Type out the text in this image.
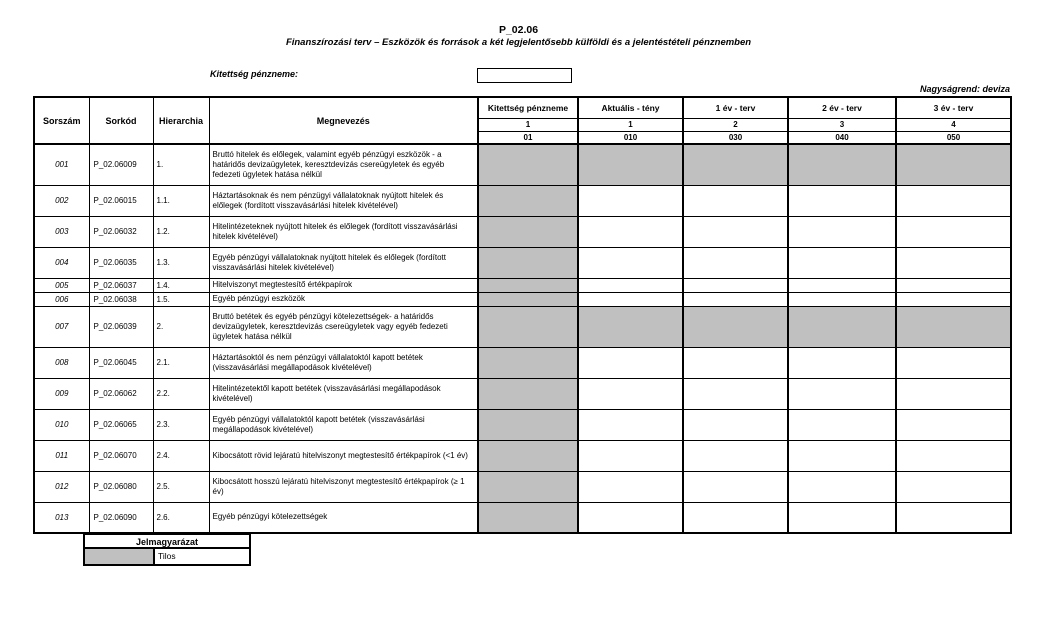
P_02.06
Finanszírozási terv – Eszközök és források a két legjelentősebb külföldi és a jelentéstételi pénznemben
Kitettség pénzneme:
Nagyságrend: deviza
Sorszám	Sorkód	Hierarchia	Megnevezés	Kitettség pénzneme	Aktuális - tény	1 év - terv	2 év - terv	3 év - terv
				1	1	2	3	4
				01	010	030	040	050
001	P_02.06009	1.	Bruttó hitelek és előlegek, valamint egyéb pénzügyi eszközök - a határidős devizaügyletek, keresztdevizás csereügyletek és egyéb fedezeti ügyletek hatása nélkül					
002	P_02.06015	1.1.	Háztartásoknak és nem pénzügyi vállalatoknak nyújtott hitelek és előlegek (fordított visszavásárlási hitelek kivételével)					
003	P_02.06032	1.2.	Hitelintézeteknek nyújtott hitelek és előlegek (fordított visszavásárlási hitelek kivételével)					
004	P_02.06035	1.3.	Egyéb pénzügyi vállalatoknak nyújtott hitelek és előlegek (fordított visszavásárlási hitelek kivételével)					
005	P_02.06037	1.4.	Hitelviszonyt megtestesítő értékpapírok					
006	P_02.06038	1.5.	Egyéb pénzügyi eszközök					
007	P_02.06039	2.	Bruttó betétek és egyéb pénzügyi kötelezettségek- a határidős devizaügyletek, keresztdevizás csereügyletek vagy egyéb fedezeti ügyletek hatása nélkül					
008	P_02.06045	2.1.	Háztartásoktól és nem pénzügyi vállalatoktól kapott betétek (visszavásárlási megállapodások kivételével)					
009	P_02.06062	2.2.	Hitelintézetektől kapott betétek (visszavásárlási megállapodások kivételével)					
010	P_02.06065	2.3.	Egyéb pénzügyi vállalatoktól kapott betétek (visszavásárlási megállapodások kivételével)					
011	P_02.06070	2.4.	Kibocsátott rövid lejáratú hitelviszonyt megtestesítő értékpapírok (<1 év)					
012	P_02.06080	2.5.	Kibocsátott hosszú lejáratú hitelviszonyt megtestesítő értékpapírok (≥ 1 év)					
013	P_02.06090	2.6.	Egyéb pénzügyi kötelezettségek					
Jelmagyarázat
Tilos
